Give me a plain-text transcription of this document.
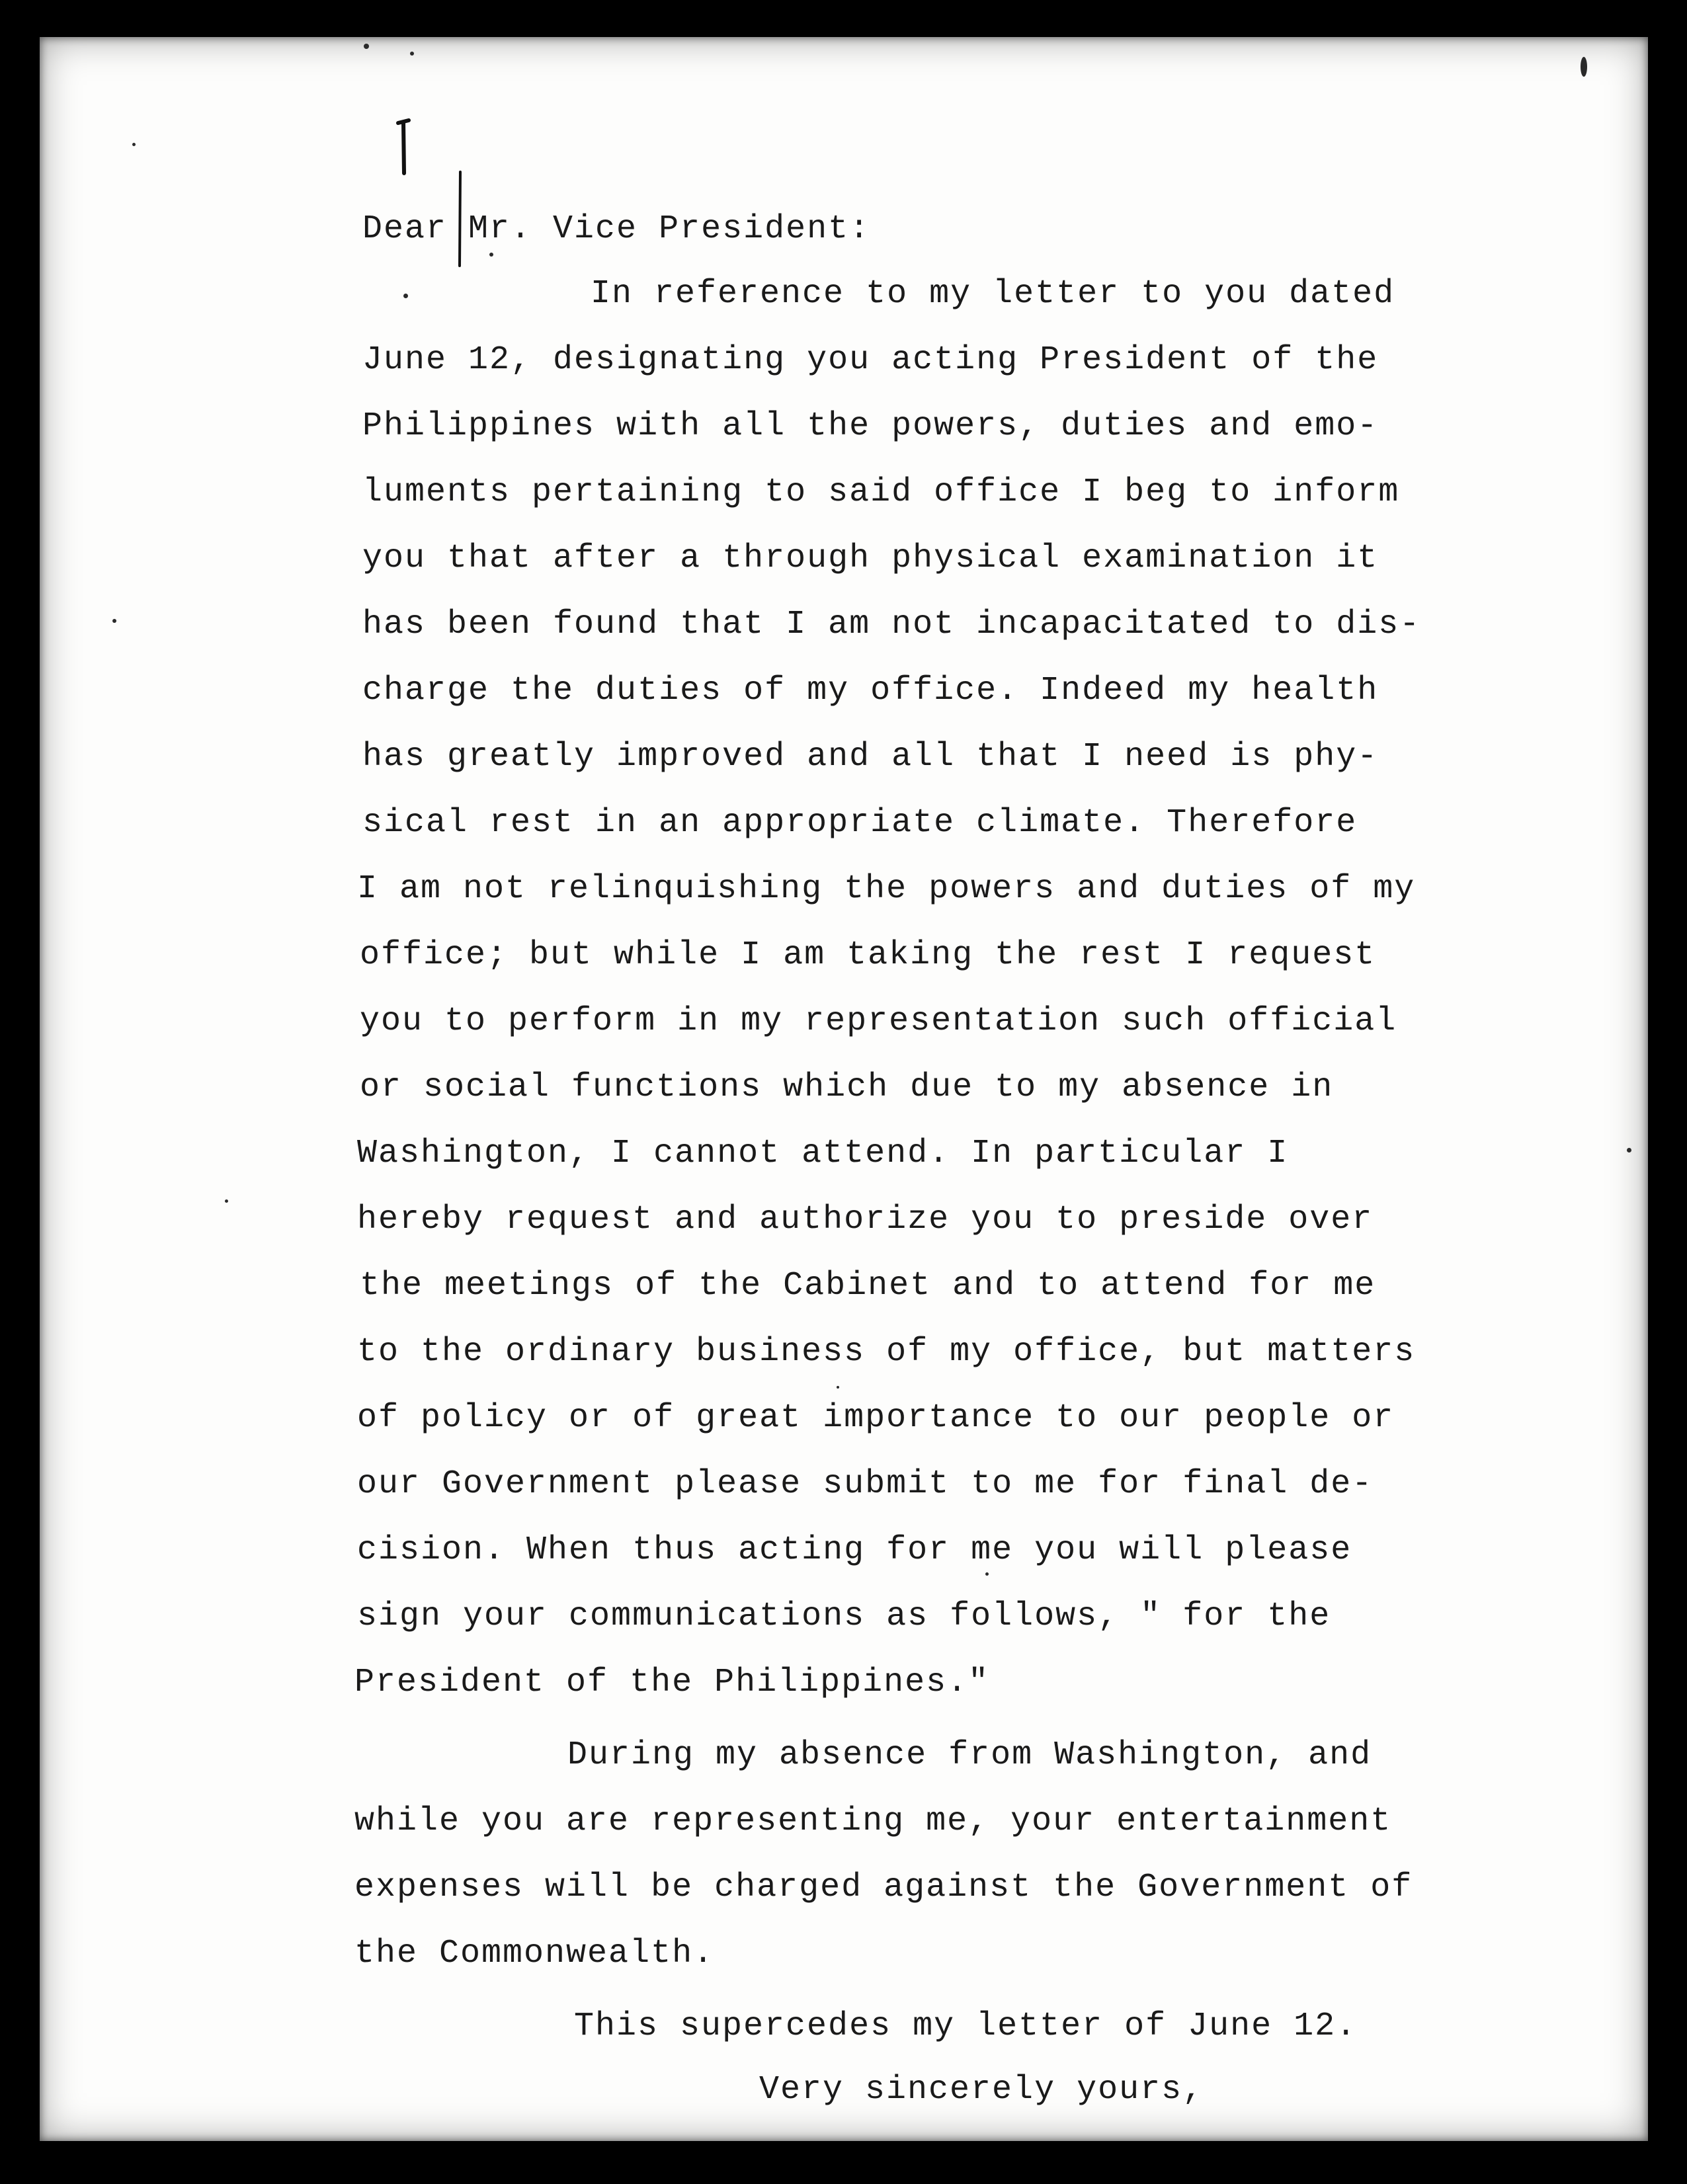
Dear Mr. Vice President:

In reference to my letter to you dated

June 12, designating you acting President of the

Philippines with all the powers, duties and emo-

luments pertaining to said office I beg to inform

you that after a through physical examination it

has been found that I am not incapacitated to dis-

charge the duties of my office. Indeed my health

has greatly improved and all that I need is phy-

sical rest in an appropriate climate. Therefore

I am not relinquishing the powers and duties of my

office; but while I am taking the rest I request

you to perform in my representation such official

or social functions which due to my absence in

Washington, I cannot attend. In particular I

hereby request and authorize you to preside over

the meetings of the Cabinet and to attend for me

to the ordinary business of my office, but matters

of policy or of great importance to our people or

our Government please submit to me for final de-

cision. When thus acting for me you will please

sign your communications as follows, " for the

President of the Philippines."

During my absence from Washington, and

while you are representing me, your entertainment

expenses will be charged against the Government of

the Commonwealth.

This supercedes my letter of June 12.

Very sincerely yours,
